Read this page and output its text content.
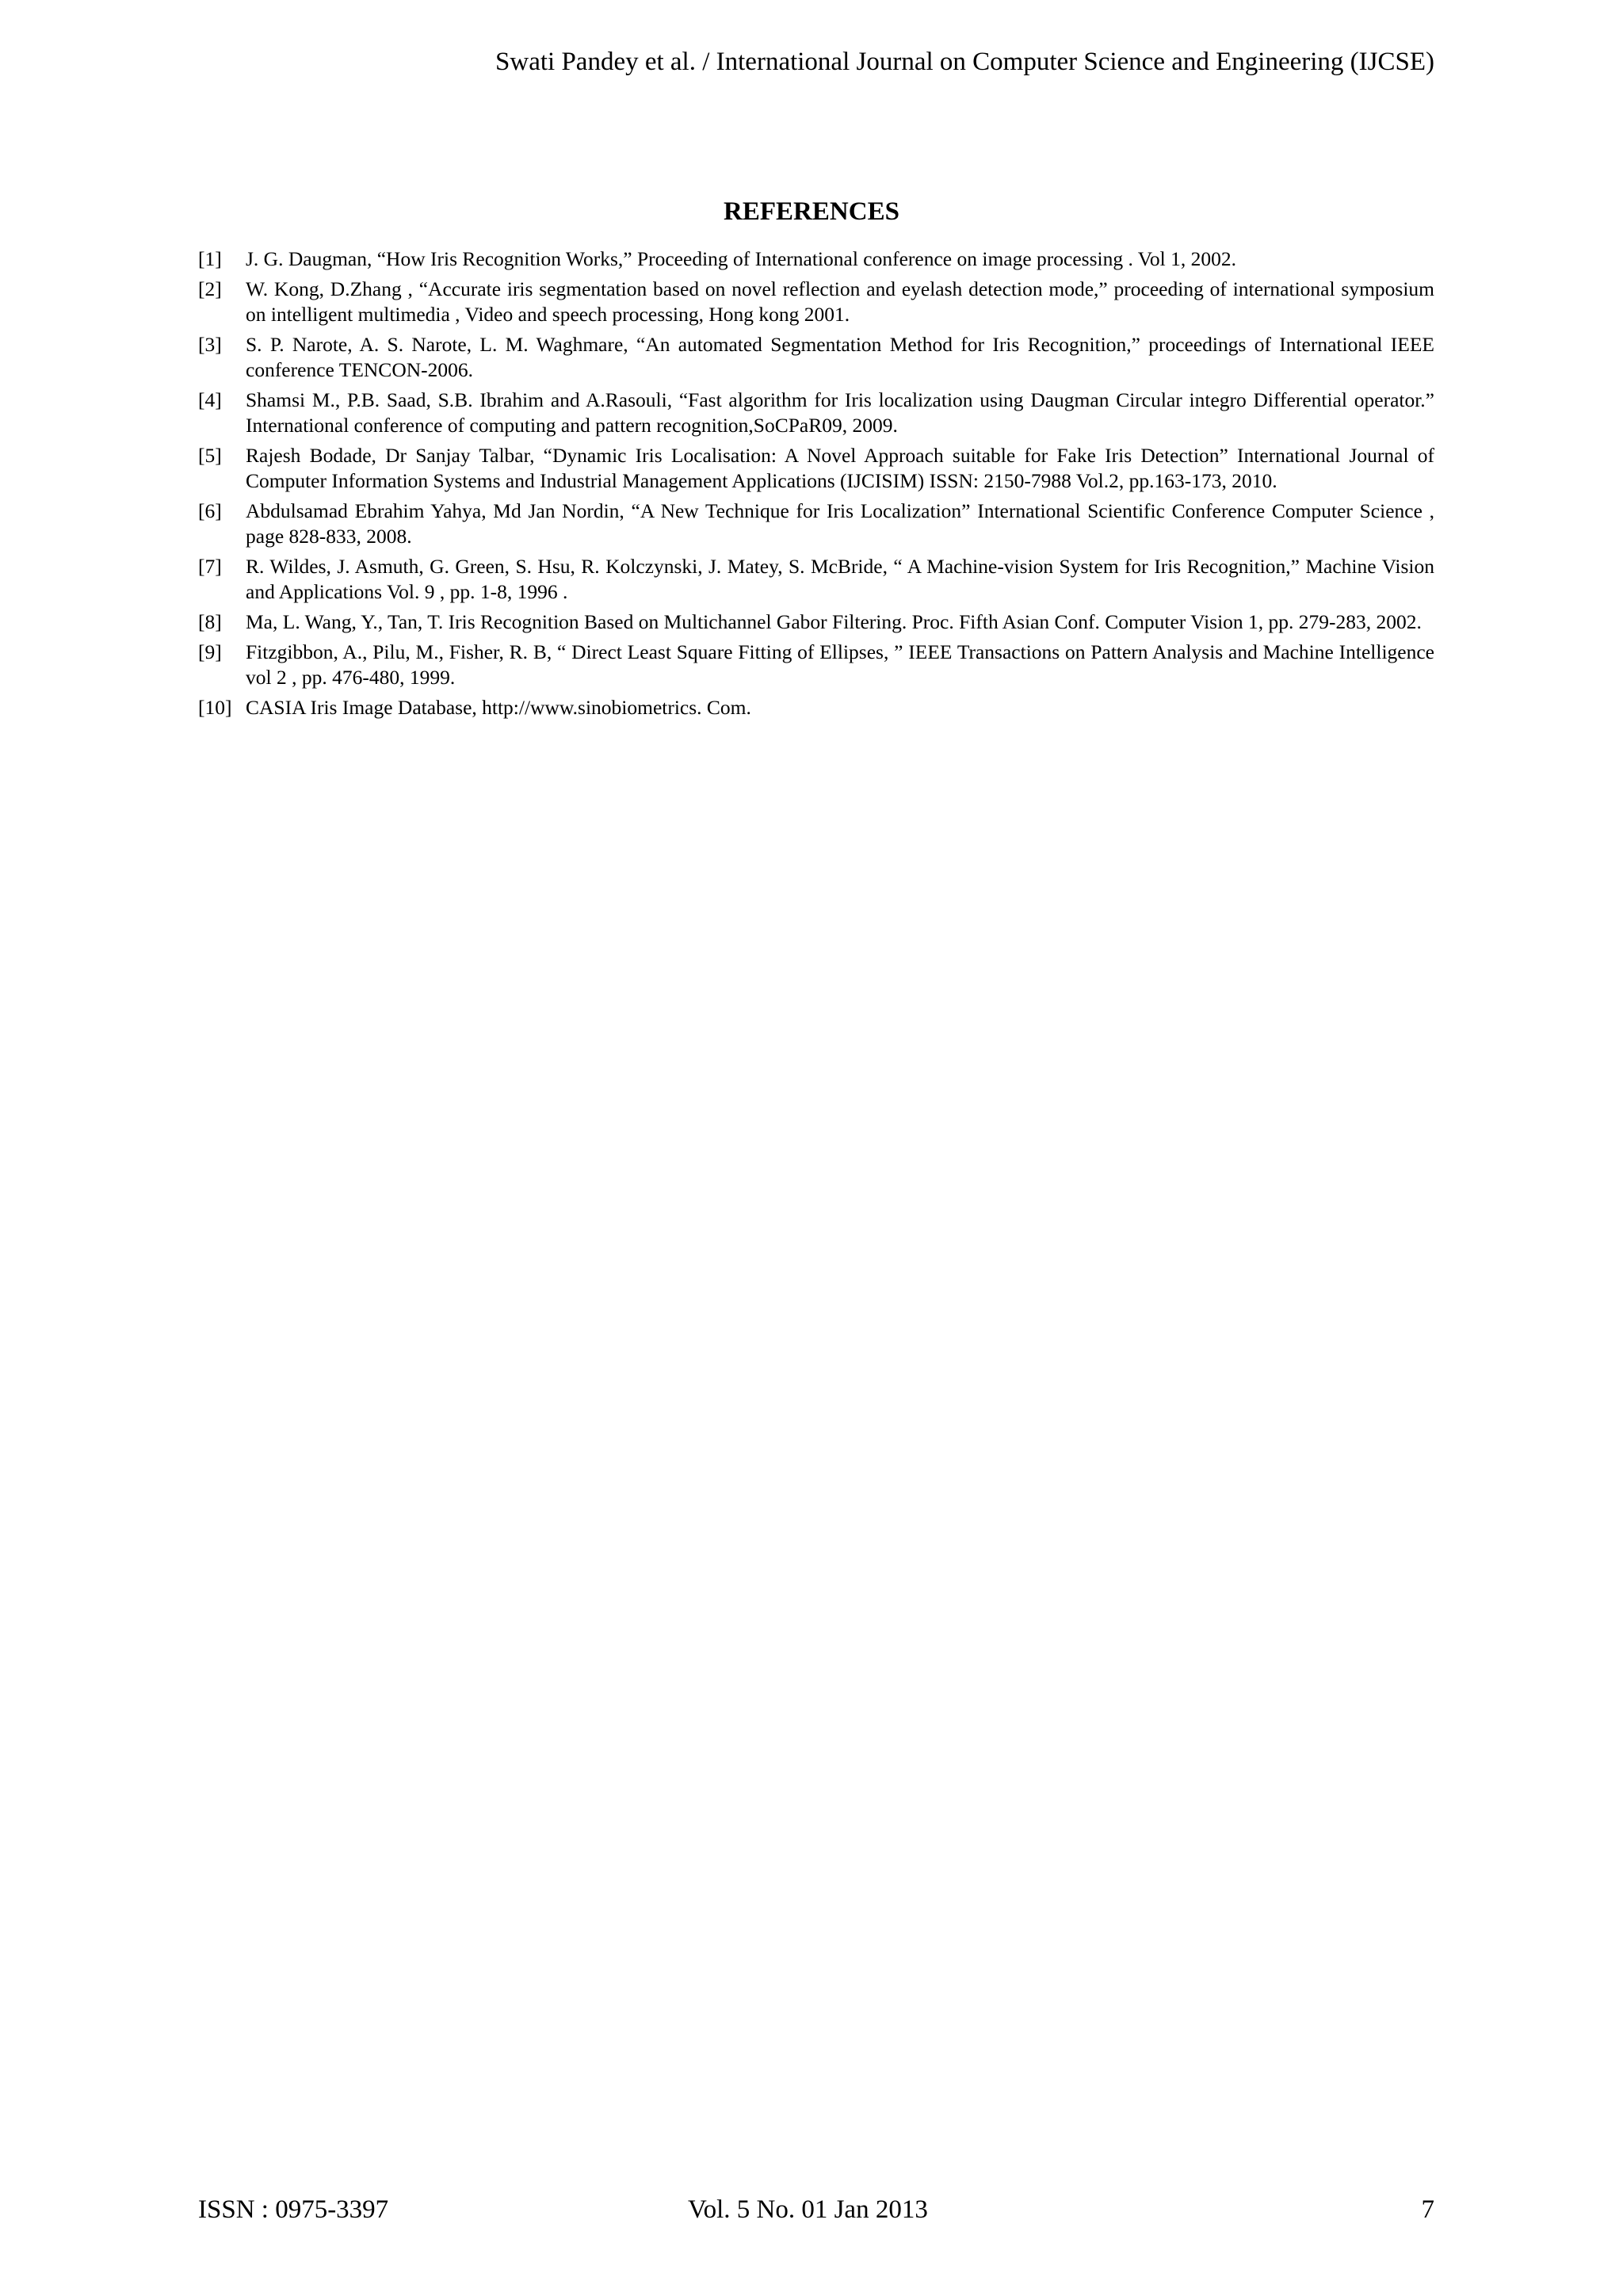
Swati Pandey et al. / International Journal on Computer Science and Engineering (IJCSE)
REFERENCES
[1]	J. G. Daugman, “How Iris Recognition Works,” Proceeding of International conference on image processing . Vol 1, 2002.
[2]	W. Kong, D.Zhang , “Accurate iris segmentation based on novel reflection and eyelash detection mode,” proceeding of international symposium on intelligent multimedia , Video and speech processing, Hong kong 2001.
[3]	S. P. Narote, A. S. Narote, L. M. Waghmare, “An automated Segmentation Method for Iris Recognition,” proceedings of International IEEE conference TENCON-2006.
[4]	Shamsi M., P.B. Saad, S.B. Ibrahim and A.Rasouli, “Fast algorithm for Iris localization using Daugman Circular integro Differential operator.” International conference of computing and pattern recognition,SoCPaR09, 2009.
[5]	Rajesh Bodade, Dr Sanjay Talbar, “Dynamic Iris Localisation: A Novel Approach suitable for Fake Iris Detection” International Journal of Computer Information Systems and Industrial Management Applications (IJCISIM) ISSN: 2150-7988 Vol.2, pp.163-173, 2010.
[6]	Abdulsamad Ebrahim Yahya, Md Jan Nordin, “A New Technique for Iris Localization” International Scientific Conference Computer Science , page 828-833, 2008.
[7]	R. Wildes, J. Asmuth, G. Green, S. Hsu, R. Kolczynski, J. Matey, S. McBride, “ A Machine-vision System for Iris Recognition,” Machine Vision and Applications Vol. 9 , pp. 1-8, 1996 .
[8]	Ma, L. Wang, Y., Tan, T. Iris Recognition Based on Multichannel Gabor Filtering. Proc. Fifth Asian Conf. Computer Vision 1, pp. 279-283, 2002.
[9]	Fitzgibbon, A., Pilu, M., Fisher, R. B, “ Direct Least Square Fitting of Ellipses, ” IEEE Transactions on Pattern Analysis and Machine Intelligence vol 2 , pp. 476-480, 1999.
[10] CASIA Iris Image Database, http://www.sinobiometrics. Com.
ISSN : 0975-3397	Vol. 5 No. 01 Jan 2013	7
